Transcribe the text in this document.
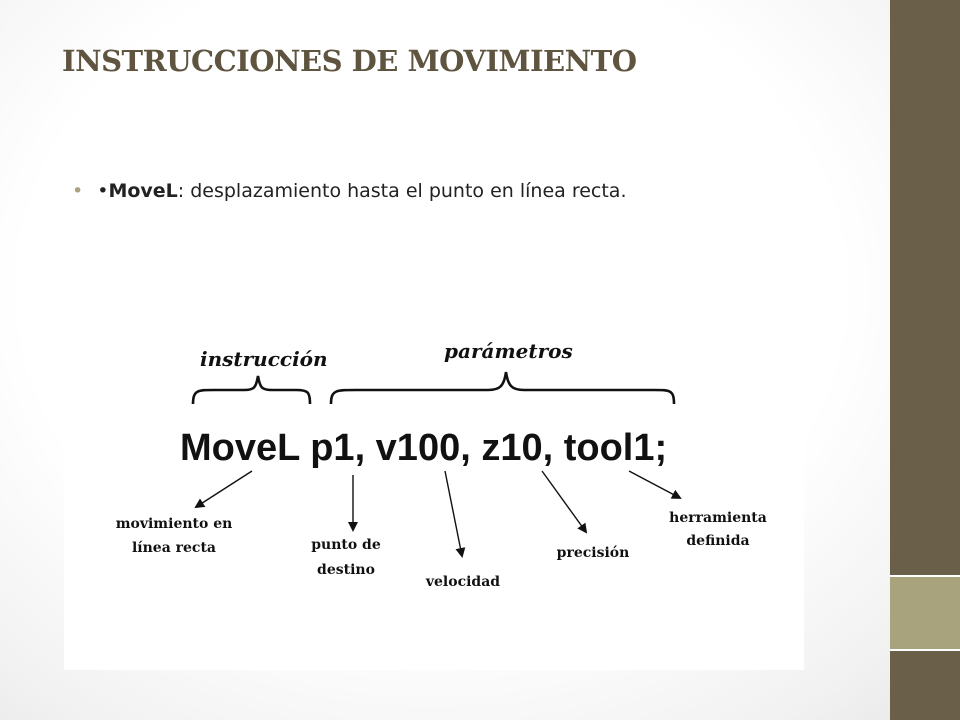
INSTRUCCIONES DE MOVIMIENTO
• •MoveL: desplazamiento hasta el punto en línea recta.
instrucción	parámetros
MoveL p1, v100, z10, tool1;
movimiento en
línea recta	punto de
destino
velocidad
precisión
herramienta
definida
